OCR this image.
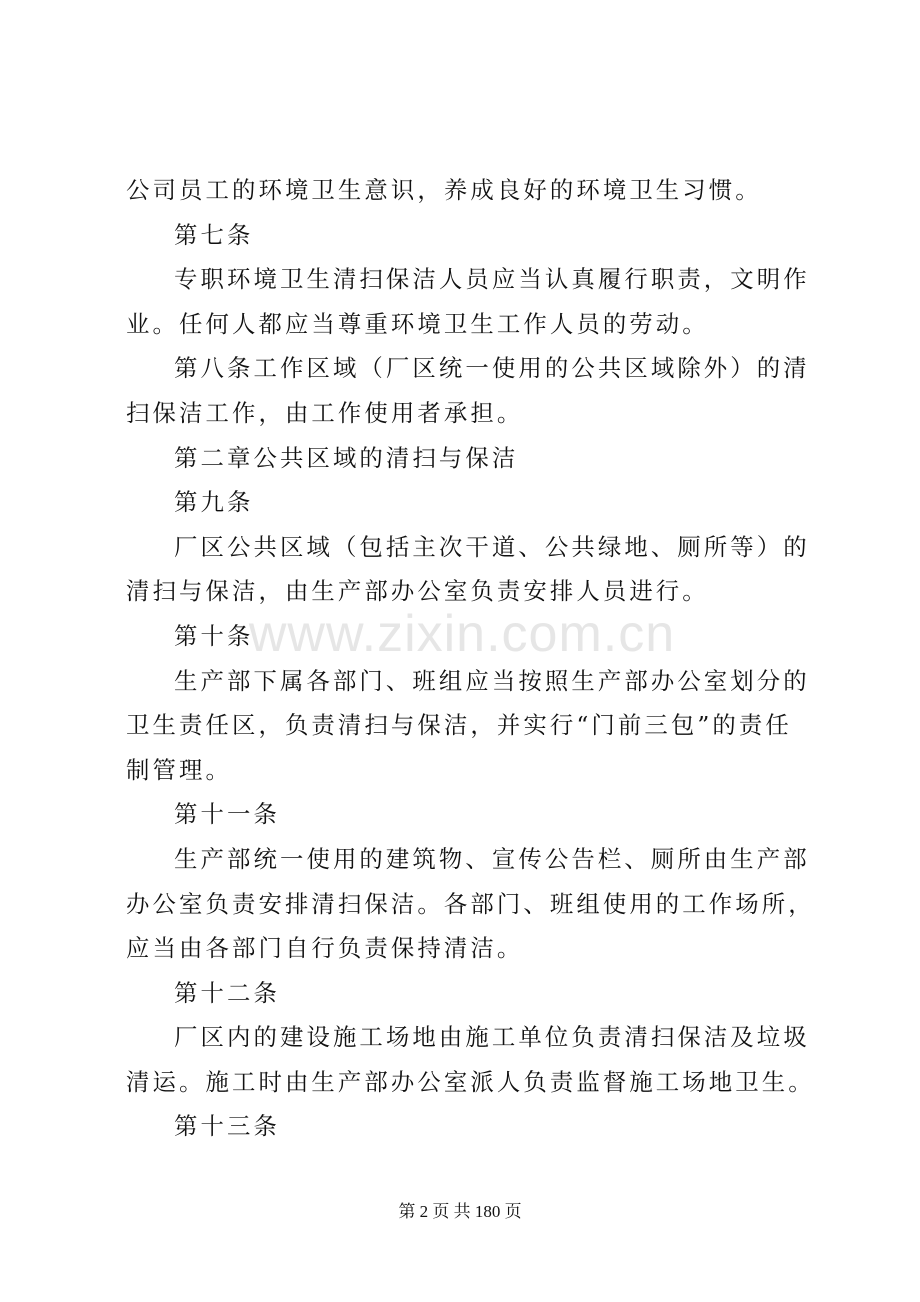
公司员工的环境卫生意识，养成良好的环境卫生习惯。

第七条

专职环境卫生清扫保洁人员应当认真履行职责，文明作业。任何人都应当尊重环境卫生工作人员的劳动。

第八条工作区域（厂区统一使用的公共区域除外）的清扫保洁工作，由工作使用者承担。

第二章公共区域的清扫与保洁

第九条

厂区公共区域（包括主次干道、公共绿地、厕所等）的清扫与保洁，由生产部办公室负责安排人员进行。

第十条

生产部下属各部门、班组应当按照生产部办公室划分的卫生责任区，负责清扫与保洁，并实行“门前三包”的责任制管理。

第十一条

生产部统一使用的建筑物、宣传公告栏、厕所由生产部办公室负责安排清扫保洁。各部门、班组使用的工作场所，应当由各部门自行负责保持清洁。

第十二条

厂区内的建设施工场地由施工单位负责清扫保洁及垃圾清运。施工时由生产部办公室派人负责监督施工场地卫生。

第十三条

www.zixin.com.cn
第 2 页 共 180 页
